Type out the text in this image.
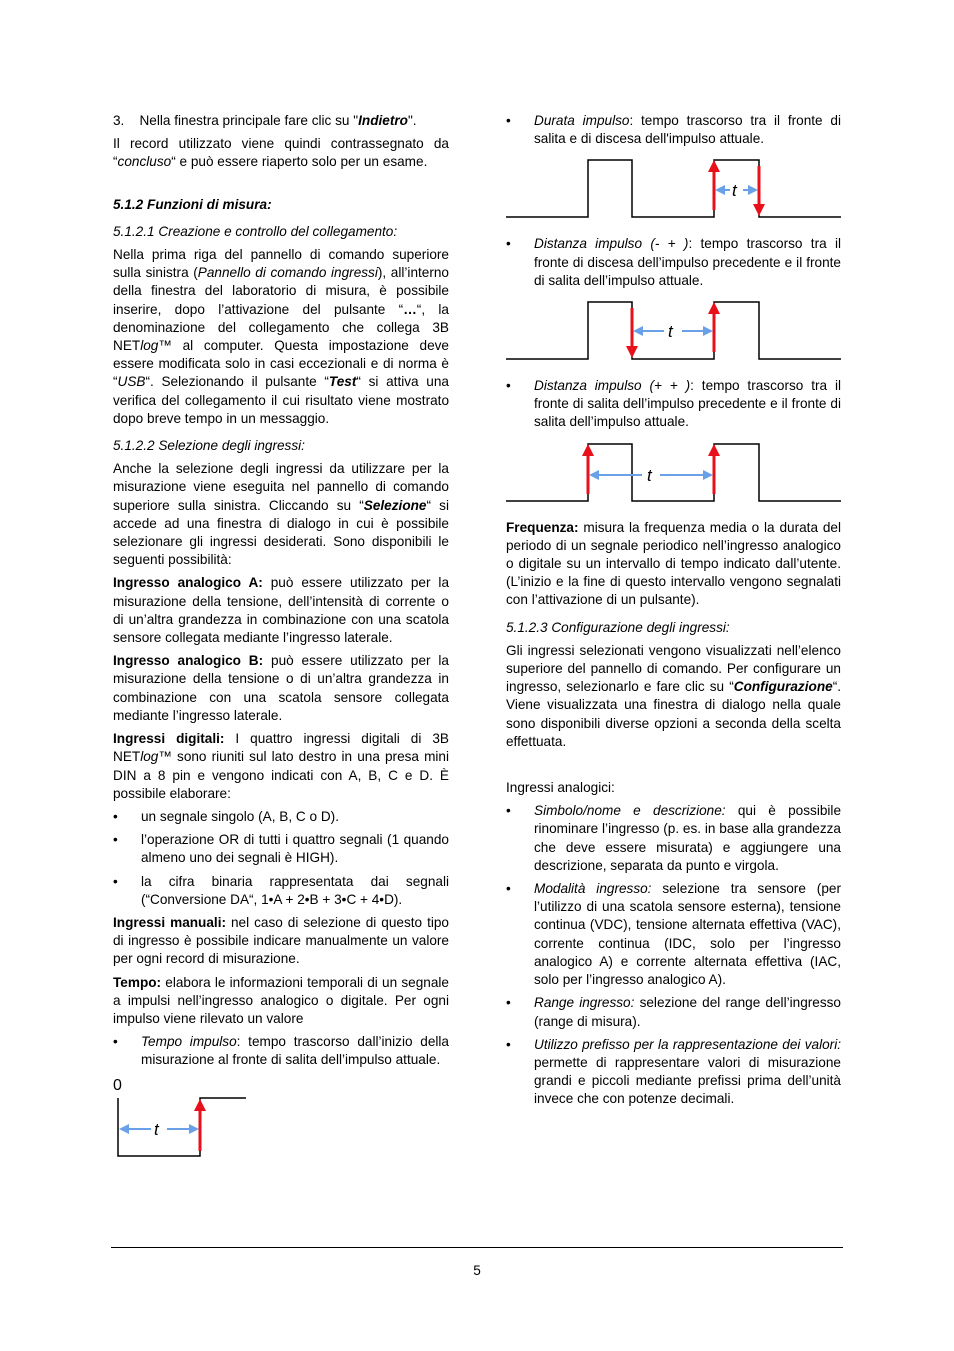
3. Nella finestra principale fare clic su "Indietro".

Il record utilizzato viene quindi contrassegnato da “concluso“ e può essere riaperto solo per un esame.

5.1.2 Funzioni di misura:

5.1.2.1 Creazione e controllo del collegamento:

Nella prima riga del pannello di comando superiore sulla sinistra (Pannello di comando ingressi), all’interno della finestra del laboratorio di misura, è possibile inserire, dopo l’attivazione del pulsante “…“, la denominazione del collegamento che collega 3B NETlog™ al computer. Questa impostazione deve essere modificata solo in casi eccezionali e di norma è “USB“. Selezionando il pulsante “Test“ si attiva una verifica del collegamento il cui risultato viene mostrato dopo breve tempo in un messaggio.

5.1.2.2 Selezione degli ingressi:

Anche la selezione degli ingressi da utilizzare per la misurazione viene eseguita nel pannello di comando superiore sulla sinistra. Cliccando su “Selezione“ si accede ad una finestra di dialogo in cui è possibile selezionare gli ingressi desiderati. Sono disponibili le seguenti possibilità:

Ingresso analogico A: può essere utilizzato per la misurazione della tensione, dell’intensità di corrente o di un’altra grandezza in combinazione con una scatola sensore collegata mediante l’ingresso laterale.

Ingresso analogico B: può essere utilizzato per la misurazione della tensione o di un’altra grandezza in combinazione con una scatola sensore collegata mediante l’ingresso laterale.

Ingressi digitali: I quattro ingressi digitali di 3B NETlog™ sono riuniti sul lato destro in una presa mini DIN a 8 pin e vengono indicati con A, B, C e D. È possibile elaborare:

• un segnale singolo (A, B, C o D).
• l’operazione OR di tutti i quattro segnali (1 quando almeno uno dei segnali è HIGH).
• la cifra binaria rappresentata dai segnali (“Conversione DA“, 1•A + 2•B + 3•C + 4•D).

Ingressi manuali: nel caso di selezione di questo tipo di ingresso è possibile indicare manualmente un valore per ogni record di misurazione.

Tempo: elabora le informazioni temporali di un segnale a impulsi nell’ingresso analogico o digitale. Per ogni impulso viene rilevato un valore

• Tempo impulso: tempo trascorso dall’inizio della misurazione al fronte di salita dell’impulso attuale.
0
t
• Durata impulso: tempo trascorso tra il fronte di salita e di discesa dell'impulso attuale.
t
• Distanza impulso (- + ): tempo trascorso tra il fronte di discesa dell’impulso precedente e il fronte di salita dell’impulso attuale.
t
• Distanza impulso (+ + ): tempo trascorso tra il fronte di salita dell’impulso precedente e il fronte di salita dell’impulso attuale.
t

Frequenza: misura la frequenza media o la durata del periodo di un segnale periodico nell’ingresso analogico o digitale su un intervallo di tempo indicato dall’utente. (L’inizio e la fine di questo intervallo vengono segnalati con l’attivazione di un pulsante).

5.1.2.3 Configurazione degli ingressi:

Gli ingressi selezionati vengono visualizzati nell’elenco superiore del pannello di comando. Per configurare un ingresso, selezionarlo e fare clic su “Configurazione“. Viene visualizzata una finestra di dialogo nella quale sono disponibili diverse opzioni a seconda della scelta effettuata.

Ingressi analogici:

• Simbolo/nome e descrizione: qui è possibile rinominare l’ingresso (p. es. in base alla grandezza che deve essere misurata) e aggiungere una descrizione, separata da punto e virgola.
• Modalità ingresso: selezione tra sensore (per l’utilizzo di una scatola sensore esterna), tensione continua (VDC), tensione alternata effettiva (VAC), corrente continua (IDC, solo per l’ingresso analogico A) e corrente alternata effettiva (IAC, solo per l’ingresso analogico A).
• Range ingresso: selezione del range dell’ingresso (range di misura).
• Utilizzo prefisso per la rappresentazione dei valori: permette di rappresentare valori di misurazione grandi e piccoli mediante prefissi prima dell’unità invece che con potenze decimali.
5
